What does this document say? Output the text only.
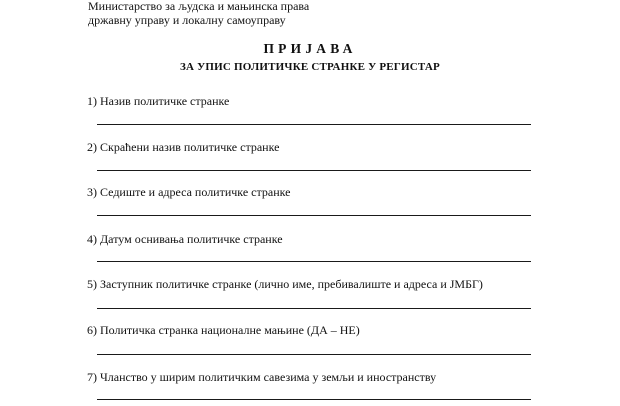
Министарство за људска и мањинска права
државну управу и локалну самоуправу
ПРИЈАВА
ЗА УПИС ПОЛИТИЧКЕ СТРАНКЕ У РЕГИСТАР
1) Назив политичке странке
2) Скраћени назив политичке странке
3) Седиште и адреса политичке странке
4) Датум оснивања политичке странке
5) Заступник политичке странке (лично име, пребивалиште и адреса и ЈМБГ)
6) Политичка странка националне мањине (ДА – НЕ)
7) Чланство у ширим политичким савезима у земљи и иностранству
